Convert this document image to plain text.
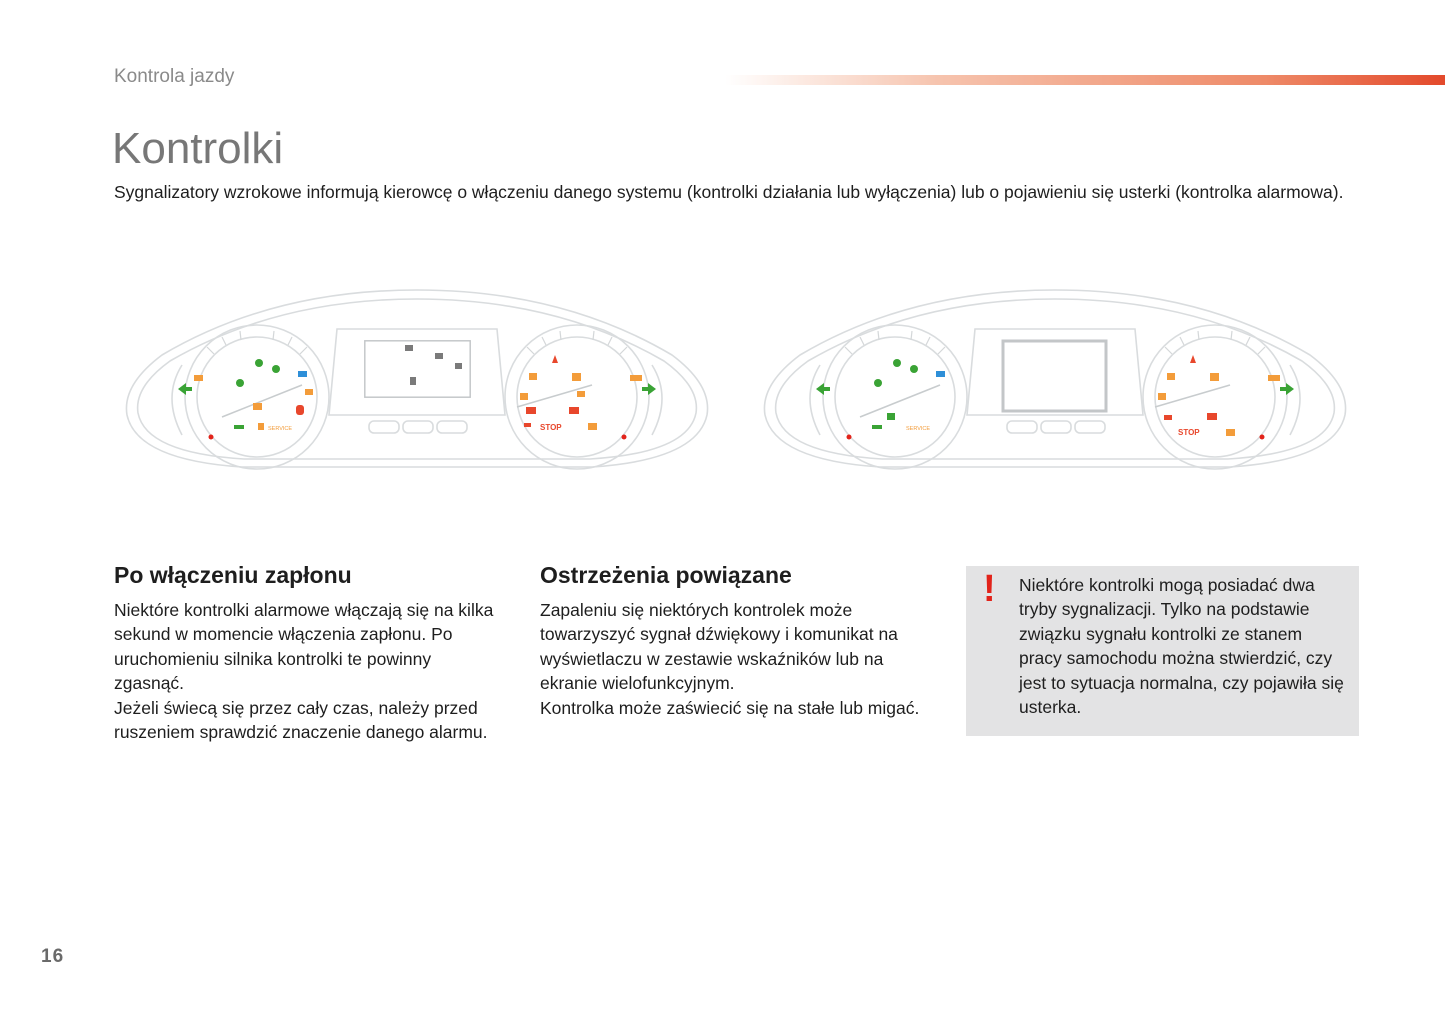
Kontrola jazdy
Kontrolki

Sygnalizatory wzrokowe informują kierowcę o włączeniu danego systemu (kontrolki działania lub wyłączenia) lub o pojawieniu się usterki (kontrolka alarmowa).

SERVICE	STOP	SERVICE	STOP
Po włączeniu zapłonu

Niektóre kontrolki alarmowe włączają się na kilka sekund w momencie włączenia zapłonu. Po uruchomieniu silnika kontrolki te powinny zgasnąć.

Jeżeli świecą się przez cały czas, należy przed ruszeniem sprawdzić znaczenie danego alarmu.

Ostrzeżenia powiązane

Zapaleniu się niektórych kontrolek może towarzyszyć sygnał dźwiękowy i komunikat na wyświetlaczu w zestawie wskaźników lub na ekranie wielofunkcyjnym.

Kontrolka może zaświecić się na stałe lub migać.

! Niektóre kontrolki mogą posiadać dwa tryby sygnalizacji. Tylko na podstawie związku sygnału kontrolki ze stanem pracy samochodu można stwierdzić, czy jest to sytuacja normalna, czy pojawiła się usterka.

16
